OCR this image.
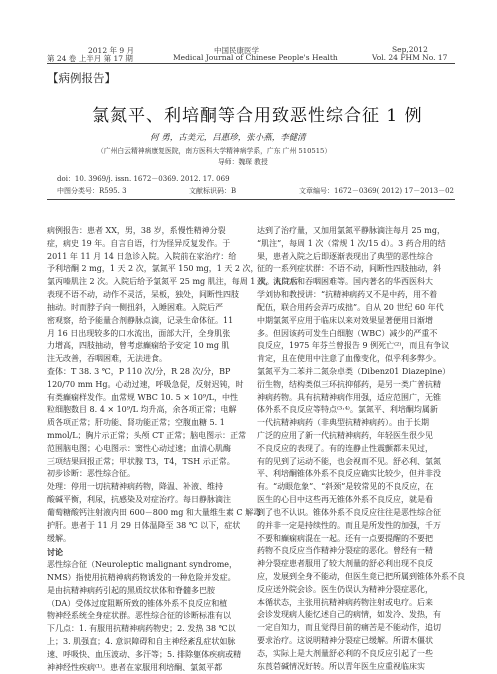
2012 年 9 月
第 24 卷 上半月 第 17 期
中国民康医学
Medical Journal of Chinese People's Health
Sep,2012
Vol. 24 FHM No. 17
【病例报告】
氯氮平、利培酮等合用致恶性综合征 1 例
何 勇，古美元，吕惠珍，张小燕，李健清
（广州白云精神病康复医院，南方医科大学精神病学系，广东 广州 510515）
导师：魏琛 教授
doi：10. 3969/j. issn. 1672－0369. 2012. 17. 069
中图分类号：R595. 3	文献标识码：B	文章编号：1672－0369( 2012) 17－2013－02

病例报告：患者 XX，男，38 岁，系慢性精神分裂

症，病史 19 年。自言自语，行为怪异反复发作。于

2011 年 11 月 14 日急诊入院。入院前在家治疗：给

予利培酮 2 mg，1 天 2 次，氯氮平 150 mg，1 天 2 次，

氯丙嗪肌注 2 次。入院后给予氯氮平 25 mg 肌注，每周 1 次。入院后

表现不语不动，动作不灵活，呆板，独处，间断性四肢

抽动。时而脖子向一侧扭斜，入睡困难。入院后严

密观察，给予能量合剂静脉点滴，记录生命体征。11

月 16 日出现较多的口水流出，面部大汗，全身肌张

力增高，四肢抽动，曾考虑癫痫给予安定 10 mg 肌

注无改善，吞咽困难，无法进食。

查体：T 38. 3 ℃，P 110 次/分，R 28 次/分，BP

120/70 mm Hg。心动过速，呼吸急促，反射迟钝，时

有类癫痫样发作。血常规 WBC 10. 5 × 10⁹/L，中性

粒细胞数目 8. 4 × 10⁹/L 均升高，余各项正常；电解

质各项正常；肝功能、肾功能正常；空腹血糖 5. 1

mmol/L；胸片示正常；头颅 CT 正常；脑电图示：正常

范围脑电图；心电图示：窦性心动过速；血清心肌酶

三项结果回报正常；甲状腺 T3，T4，TSH 示正常。

初步诊断：恶性综合征。

处理：停用一切抗精神病药物，降温、补液、维持

酸碱平衡，利尿，抗感染及对症治疗。每日静脉滴注

葡萄糖酸钙注射液内田 600－800 mg 和大量维生素 C 解毒

护肝。患者于 11 月 29 日体温降至 38 ℃ 以下，症状

缓解。

讨论

恶性综合征（Neuroleptic malignant syndrome，

NMS）指使用抗精神病药物诱发的一种危险并发症。

是由抗精神病药引起的黑质纹状体和脊髓多巴胺

（DA）受体过度阻断所致的锥体外系不良反应和植

物神经系统全身症状群。恶性综合征的诊断标准有以

下几点：1. 有服用抗精神病药物史；2. 发热 38 ℃以

上；3. 肌强直；4. 意识障碍和自主神经紊乱症状如脉

速、呼吸快、血压波动、多汗等；5. 排除躯体疾病或精

神神经性疾病⁽¹⁾。患者在家服用利培酮、氯氮平都

达到了治疗量，又加用氯氮平静脉滴注每月 25 mg，

“肌注”，每周 1 次（常规 1 次/15 d）。3 药合用的结

果，患者入院之后即逐渐表现出了典型的恶性综合

征的一系列症状群：不语不动，间断性四肢抽动，斜

颈，流口水和吞咽困难等。国内著名的华西医科大

学刘协和教授讲：“抗精神病药又不是中药，用不着

配伍，联合用药会弄巧成拙”。自从 20 世纪 60 年代

中期氯氮平应用于临床以来对效果显著便用日渐增

多。但因该药可发生白细胞（WBC）减少的严重不

良反应，1975 年芬兰曾报告 9 例死亡⁽²⁾，而且有争议

肯定，且在使用中注意了血像变化，似乎利多弊少。

氯氮平为二苯并二氮杂卓类（Dibenz01 Diazepine）

衍生物，结构类似三环抗抑郁药，是另一类广普抗精

神病药物。具有抗精神病作用强，适应范围广，无锥

体外系不良反应等特点⁽³·⁴⁾。氯氮平、利培酮均属新

一代抗精神病药（非典型抗精神病药）。由于长期

广泛的应用了新一代抗精神病药，年轻医生很少见

不良反应的表现了。有的连静止性震颤都未见过，

有的见到了运动不能，也会视而不见。舒必利、氯氮

平、利培酮锥体外系不良反应确实比较少，但并非没

有。“动眼危象”、“斜颈”是较常见的不良反应，在

医生的心目中这些再无锥体外系不良反应，就是看

到了也不认识。锥体外系不良反应往往是恶性综合征

的并非一定是持续性的。而且是所发性的加强，千万

不要和癫痫病混在一起。还有一点要提醒的不要把

药物不良反应当作精神分裂症的恶化。曾经有一精

神分裂症患者服用了较大剂量的舒必利出现不良反

应，发展到全身不能动，但医生竟已把所属到锥体外系不良

反应送外院会诊。医生仍误认为精神分裂症恶化，

本循状态，主张用抗精神病药物注射或电疗。后来

会诊发现病人能忆述自己的病情，如发冷、发热，有

一定自知力，而且觉得目前的痛苦是不能动作，追切

要求治疗。这说明精神分裂症已缓解。所谓木僵状

态，实际上是大剂量舒必利的不良反应引起了一些

东莨菪碱情况好转。所以青年医生应重视临床实
